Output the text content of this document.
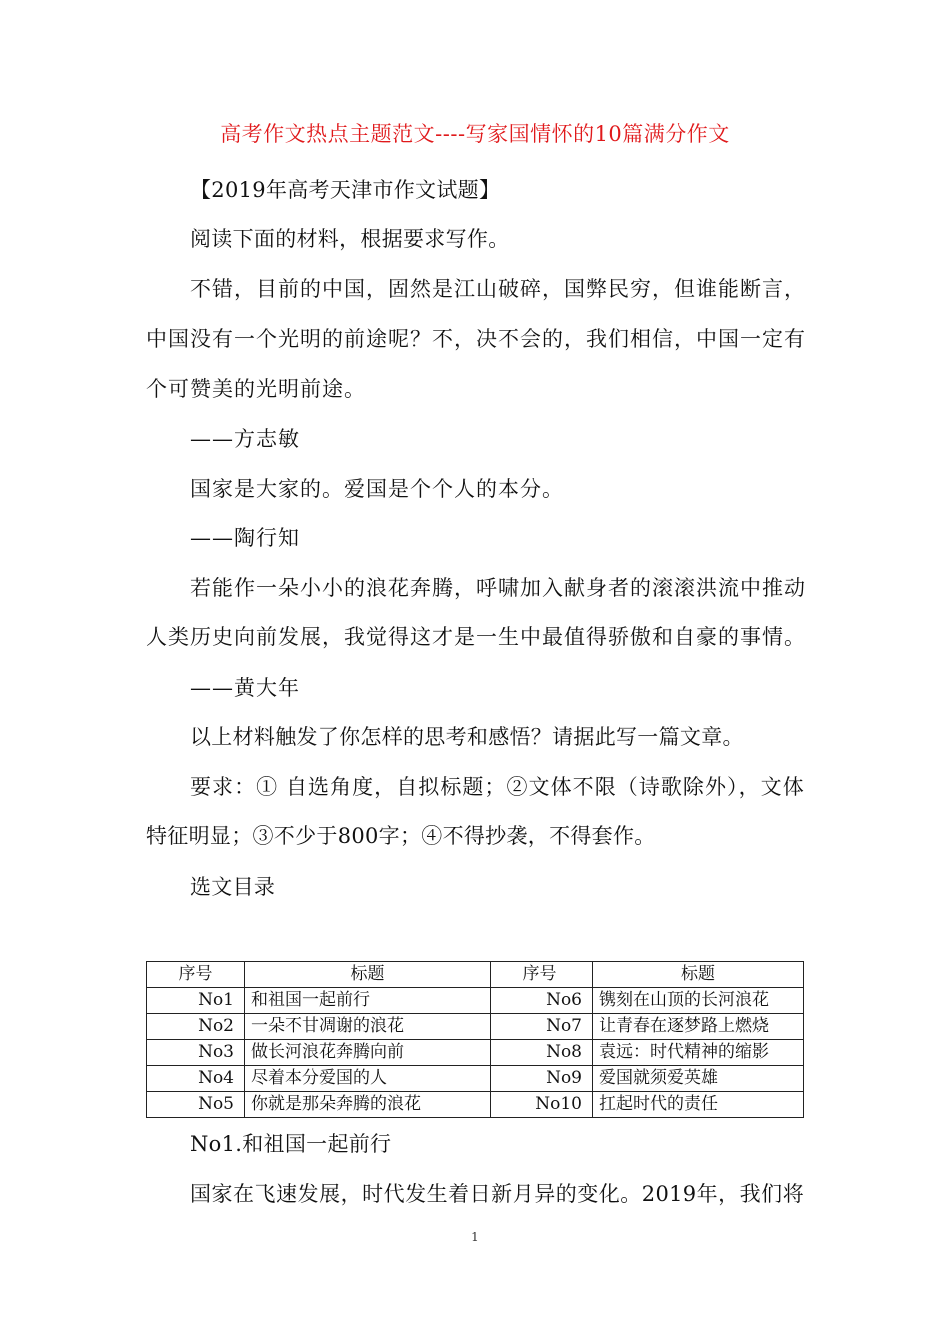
高考作文热点主题范文----写家国情怀的10篇满分作文
【2019年高考天津市作文试题】
阅读下面的材料，根据要求写作。
不错，目前的中国，固然是江山破碎，国弊民穷，但谁能断言，
中国没有一个光明的前途呢？不，决不会的，我们相信，中国一定有
个可赞美的光明前途。
——方志敏
国家是大家的。爱国是个个人的本分。
——陶行知
若能作一朵小小的浪花奔腾，呼啸加入献身者的滚滚洪流中推动
人类历史向前发展，我觉得这才是一生中最值得骄傲和自豪的事情。
——黄大年
以上材料触发了你怎样的思考和感悟？请据此写一篇文章。
要求：① 自选角度，自拟标题；②文体不限（诗歌除外），文体
特征明显；③不少于800字；④不得抄袭，不得套作。
选文目录
序号	标题	序号	标题
No1	和祖国一起前行	No6	镌刻在山顶的长河浪花
No2	一朵不甘凋谢的浪花	No7	让青春在逐梦路上燃烧
No3	做长河浪花奔腾向前	No8	袁远：时代精神的缩影
No4	尽着本分爱国的人	No9	爱国就须爱英雄
No5	你就是那朵奔腾的浪花	No10	扛起时代的责任
No1.和祖国一起前行
国家在飞速发展，时代发生着日新月异的变化。2019年，我们将
1
